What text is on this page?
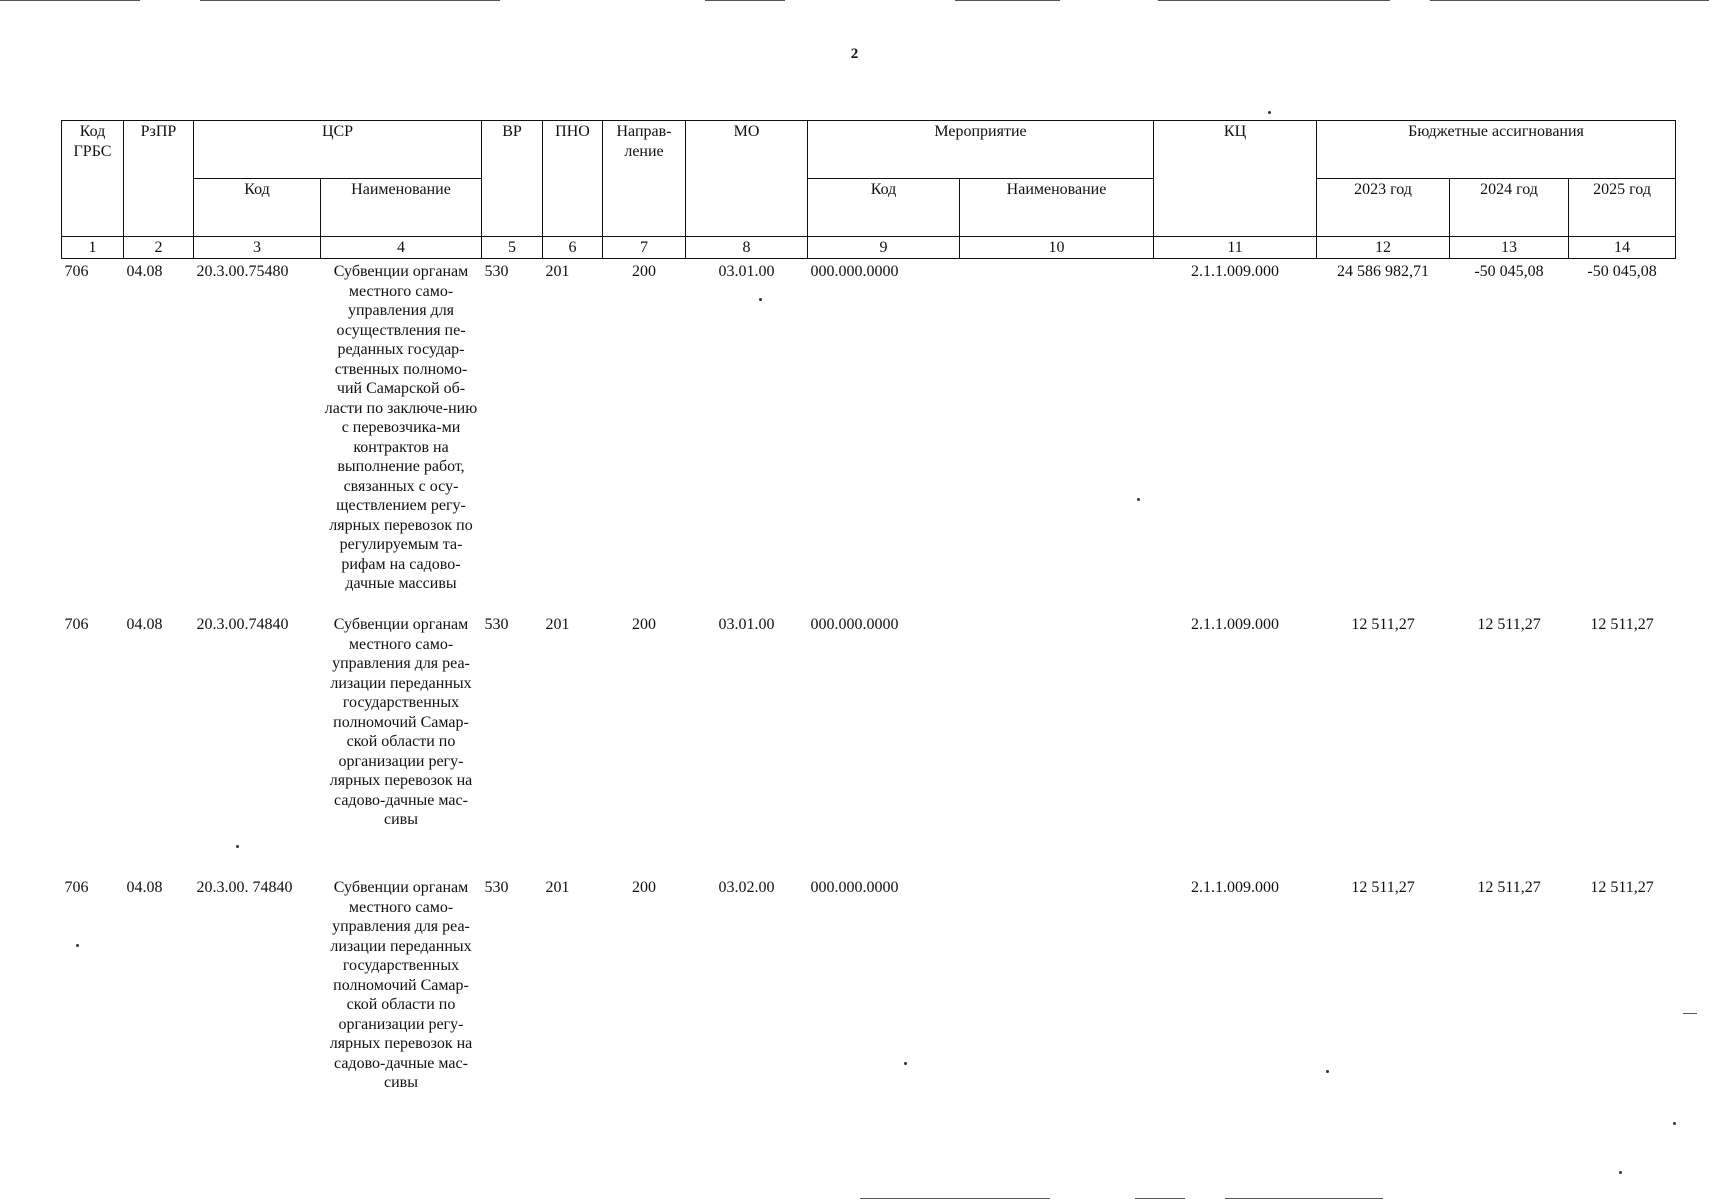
2
Код ГРБС	РзПР	ЦСР		ВР	ПНО	Направ-ление	МО	Мероприятие		КЦ	Бюджетные ассигнования		
		Код	Наименование					Код	Наименование		2023 год	2024 год	2025 год
1	2	3	4	5	6	7	8	9	10	11	12	13	14
706	04.08	20.3.00.75480	Субвенции органам местного само-управления для осуществления пе-реданных государ-ственных полномо-чий Самарской об-ласти по заключе-нию с перевозчика-ми контрактов на выполнение работ, связанных с осу-ществлением регу-лярных перевозок по регулируемым та-рифам на садово-дачные массивы	530	201	200	03.01.00	000.000.0000		2.1.1.009.000	24 586 982,71	-50 045,08	-50 045,08
706	04.08	20.3.00.74840	Субвенции органам местного само-управления для реа-лизации переданных государственных полномочий Самар-ской области по организации регу-лярных перевозок на садово-дачные мас-сивы	530	201	200	03.01.00	000.000.0000		2.1.1.009.000	12 511,27	12 511,27	12 511,27
706	04.08	20.3.00. 74840	Субвенции органам местного само-управления для реа-лизации переданных государственных полномочий Самар-ской области по организации регу-лярных перевозок на садово-дачные мас-сивы	530	201	200	03.02.00	000.000.0000		2.1.1.009.000	12 511,27	12 511,27	12 511,27
